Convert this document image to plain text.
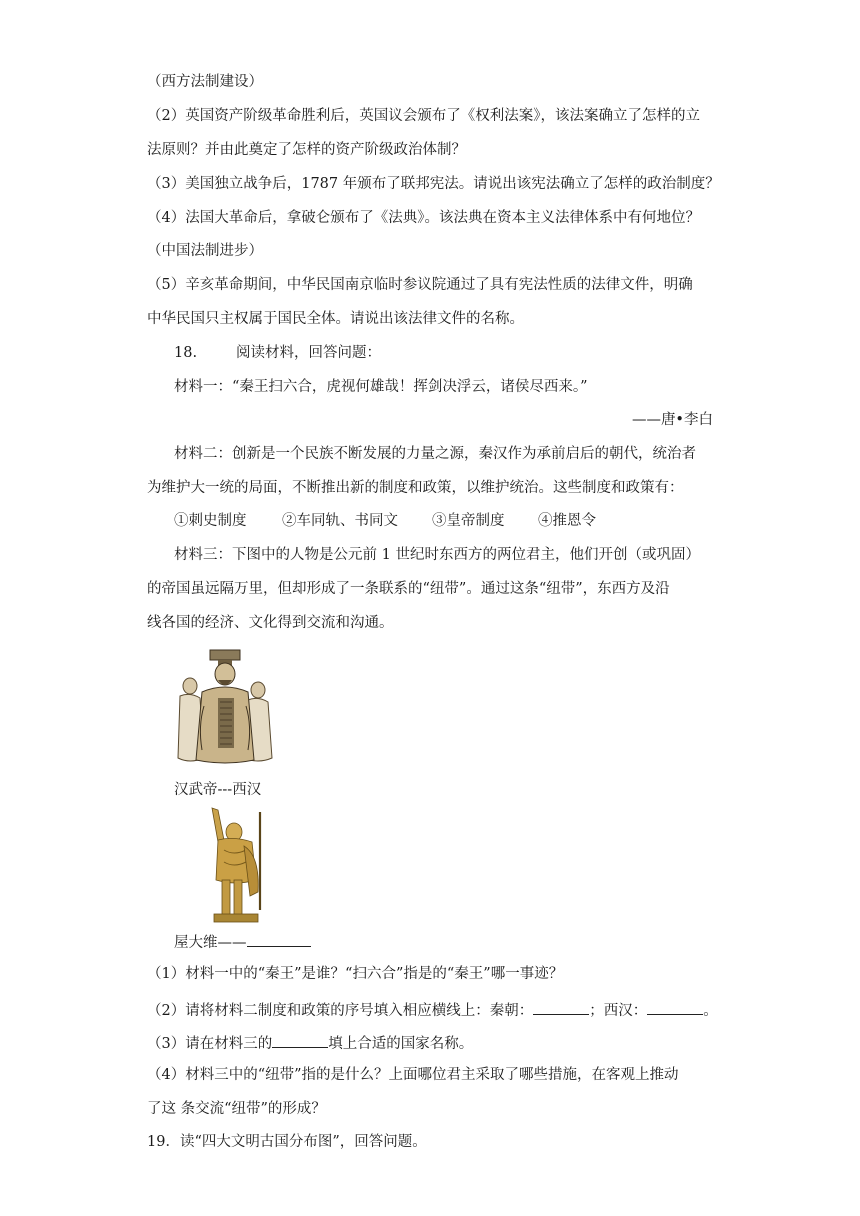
（西方法制建设）
（2）英国资产阶级革命胜利后，英国议会颁布了《权利法案》，该法案确立了怎样的立
法原则？并由此奠定了怎样的资产阶级政治体制？
（3）美国独立战争后，1787 年颁布了联邦宪法。请说出该宪法确立了怎样的政治制度？
（4）法国大革命后，拿破仑颁布了《法典》。该法典在资本主义法律体系中有何地位？
（中国法制进步）
（5）辛亥革命期间，中华民国南京临时参议院通过了具有宪法性质的法律文件，明确
中华民国只主权属于国民全体。请说出该法律文件的名称。
18.	阅读材料，回答问题：
材料一：“秦王扫六合，虎视何雄哉！挥剑决浮云，诸侯尽西来。”
——唐•李白
材料二：创新是一个民族不断发展的力量之源，秦汉作为承前启后的朝代，统治者
为维护大一统的局面，不断推出新的制度和政策，以维护统治。这些制度和政策有：
①刺史制度 ②车同轨、书同文 ③皇帝制度 ④推恩令
材料三：下图中的人物是公元前 1 世纪时东西方的两位君主，他们开创（或巩固）
的帝国虽远隔万里，但却形成了一条联系的“纽带”。通过这条“纽带”，东西方及沿
线各国的经济、文化得到交流和沟通。
汉武帝---西汉
屋大维——
（1）材料一中的“秦王”是谁？“扫六合”指是的“秦王”哪一事迹？
（2）请将材料二制度和政策的序号填入相应横线上：秦朝：	；西汉：	。
（3）请在材料三的	填上合适的国家名称。
（4）材料三中的“纽带”指的是什么？上面哪位君主采取了哪些措施，在客观上推动
了这 条交流“纽带”的形成？
19．读“四大文明古国分布图”，回答问题。
